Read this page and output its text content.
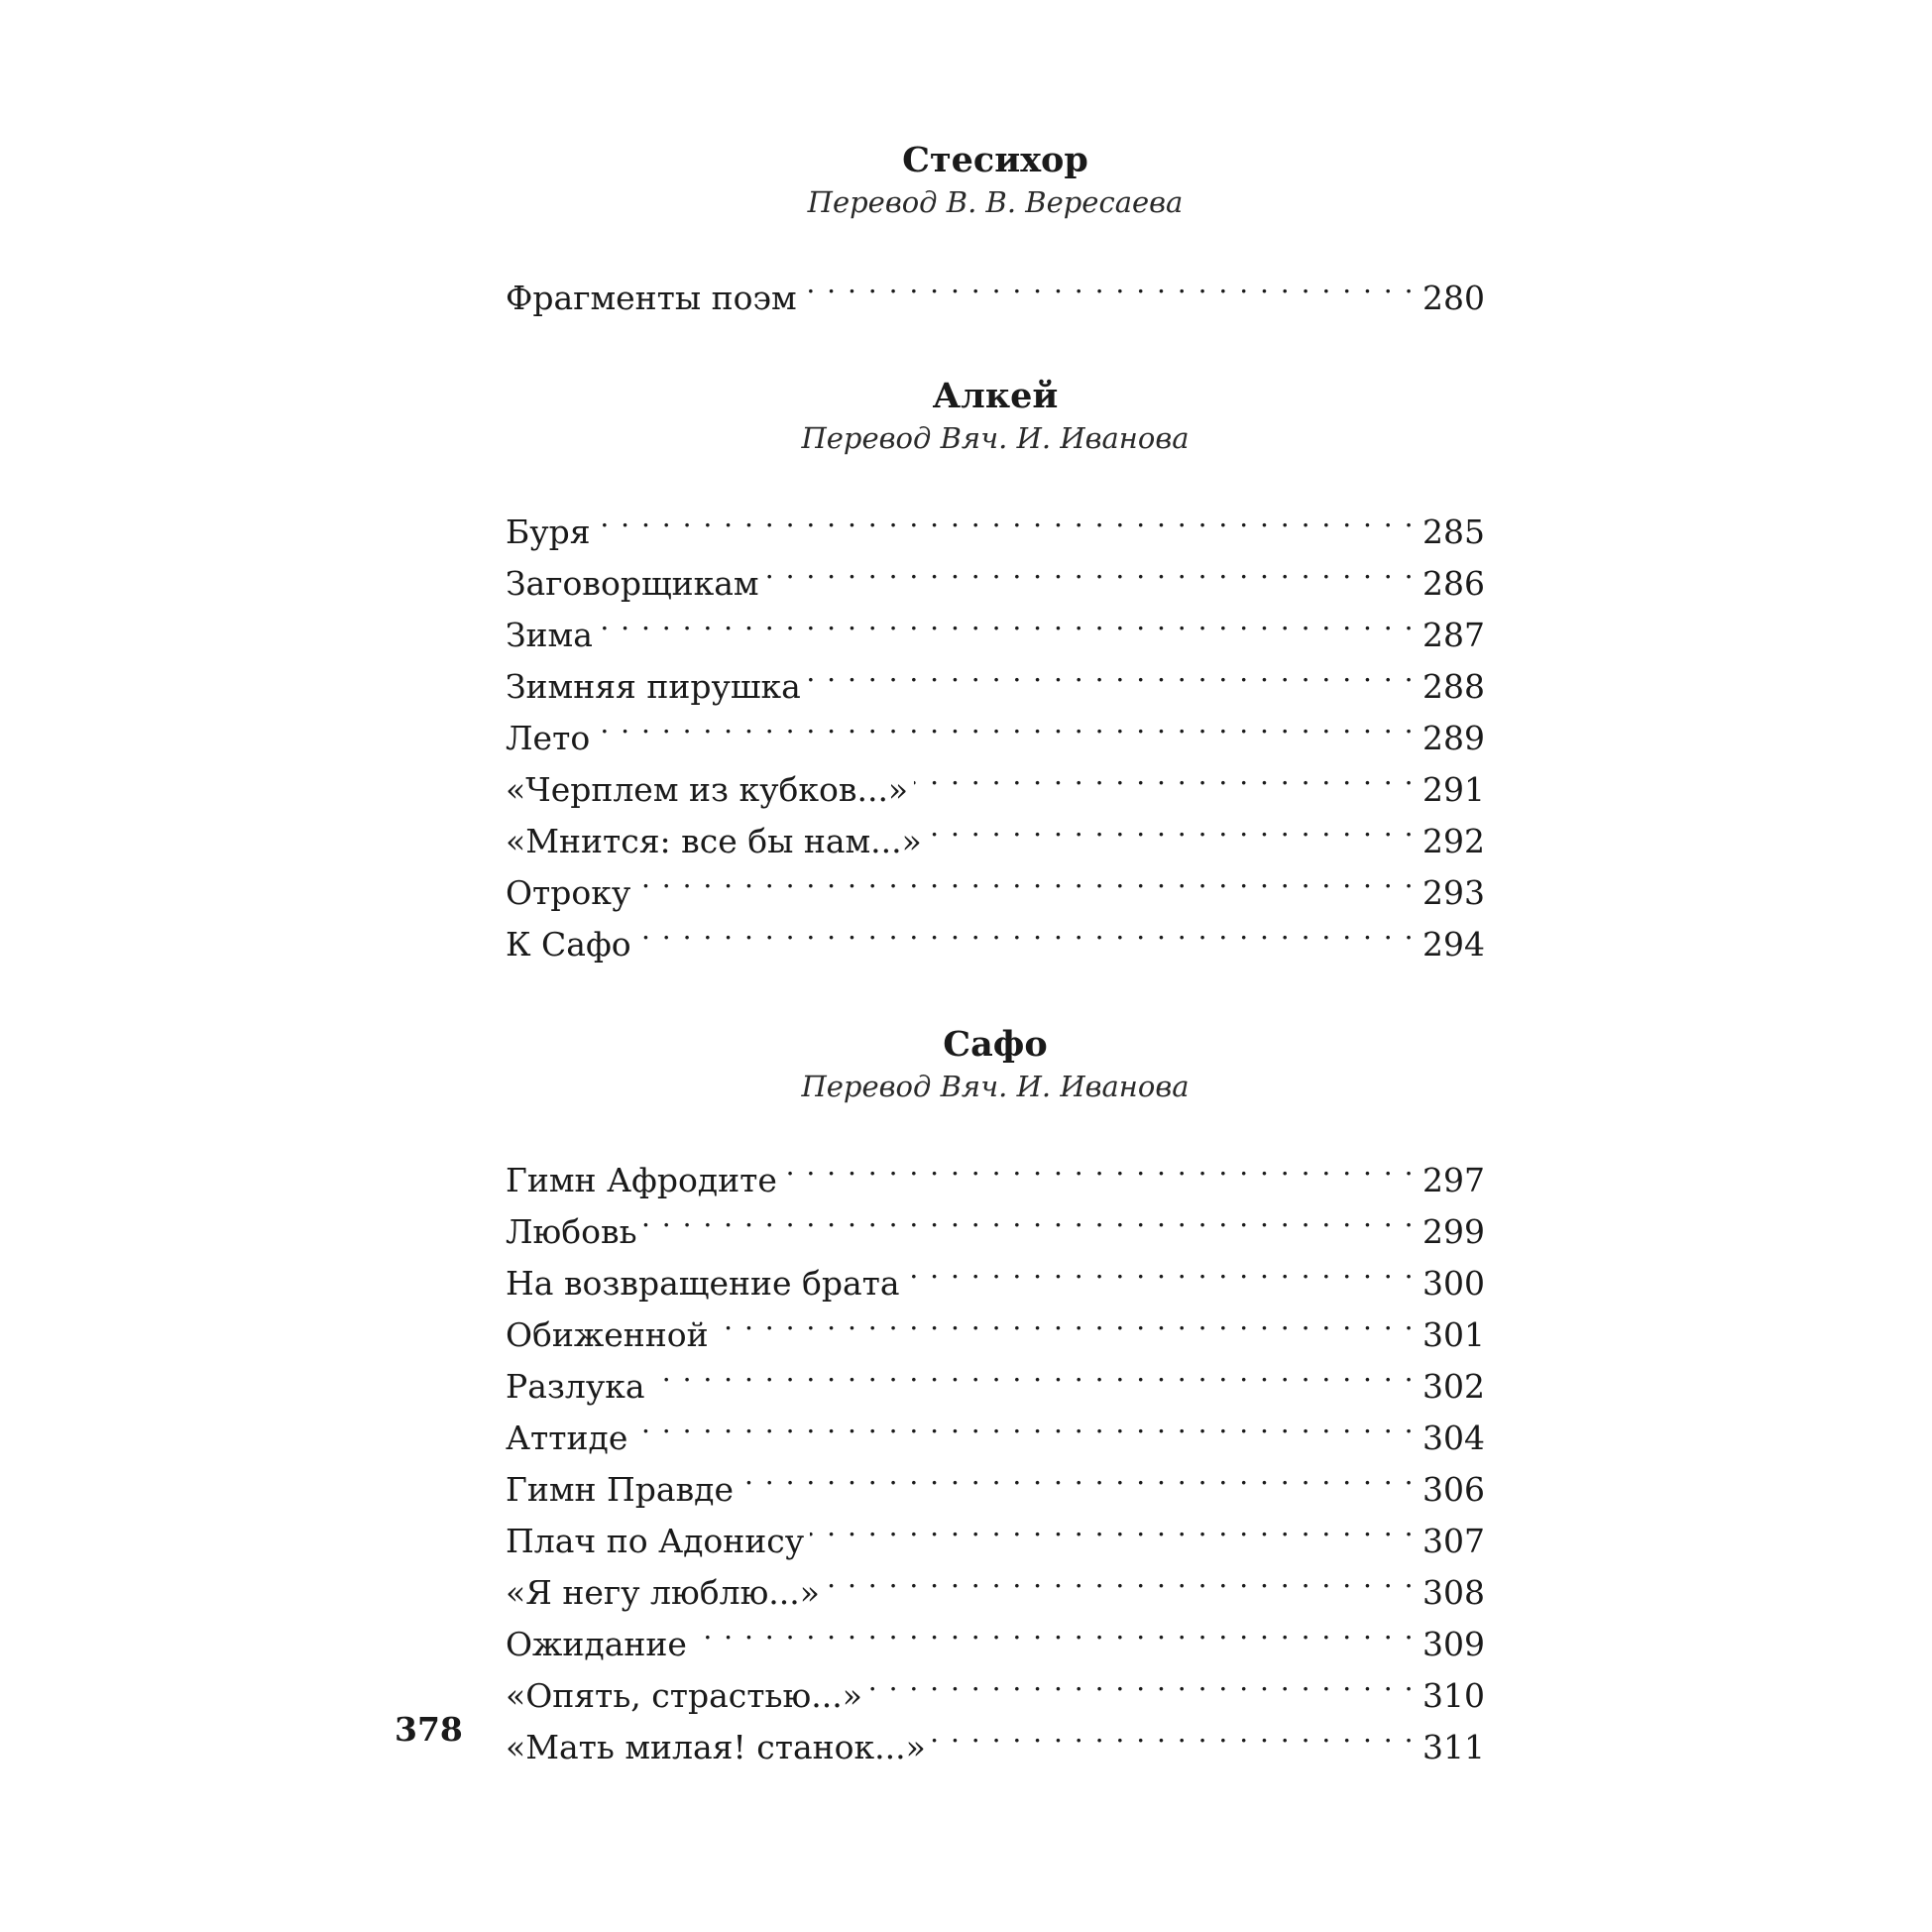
Стесихор

Перевод В. В. Вересаева

Фрагменты поэм . . .	280
Алкей

Перевод Вяч. И. Иванова

Буря . . .	285
Заговорщикам . . .	286
Зима . . .	287
Зимняя пирушка . . .	288
Лето . . .	289
«Черплем из кубков...» . . .	291
«Мнится: все бы нам...» . . .	292
Отроку . . .	293
К Сафо . . .	294
Сафо

Перевод Вяч. И. Иванова

Гимн Афродите . . .	297
Любовь . . .	299
На возвращение брата . . .	300
Обиженной . . .	301
Разлука . . .	302
Аттиде . . .	304
Гимн Правде . . .	306
Плач по Адонису . . .	307
«Я негу люблю...» . . .	308
Ожидание . . .	309
«Опять, страстью...» . . .	310
«Мать милая! станок...» . . .	311

378
